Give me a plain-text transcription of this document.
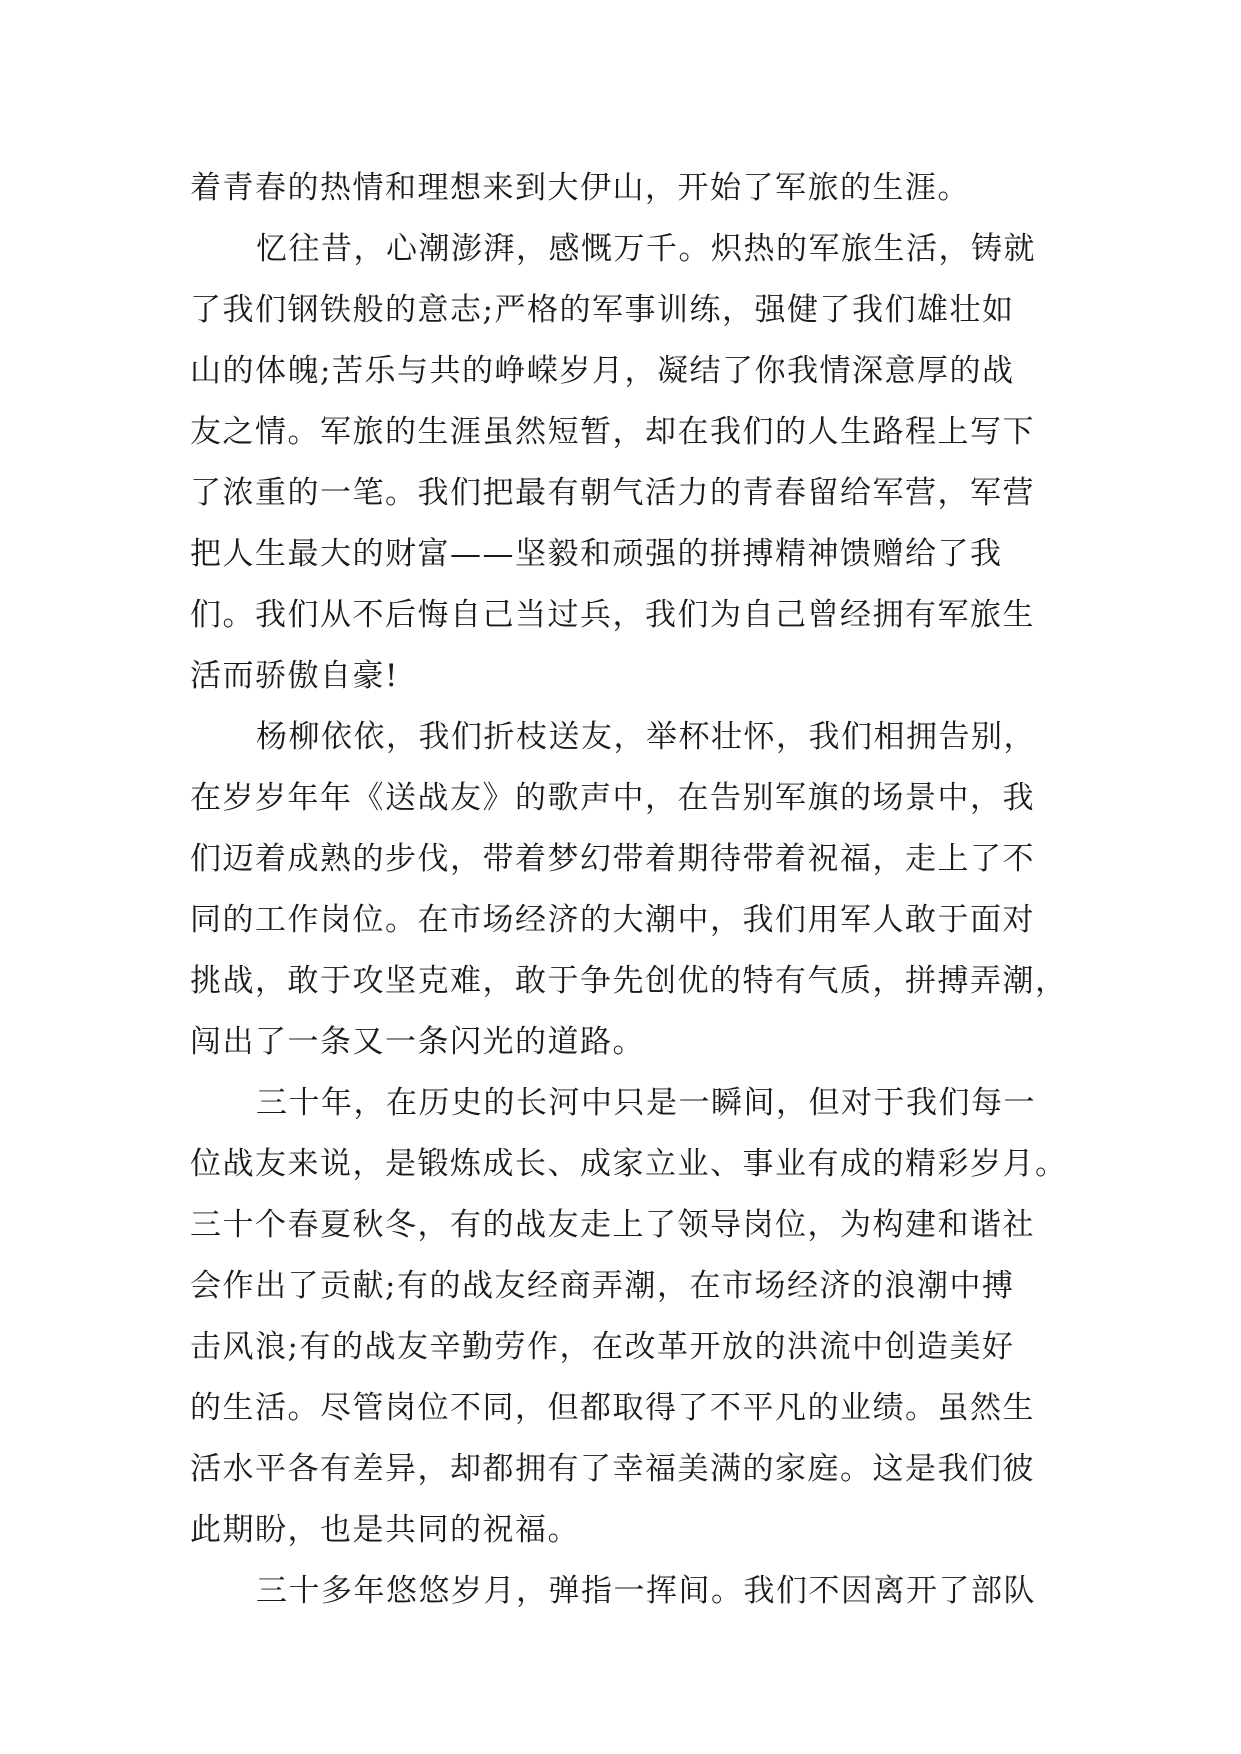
着青春的热情和理想来到大伊山，开始了军旅的生涯。
忆往昔，心潮澎湃，感慨万千。炽热的军旅生活，铸就
了我们钢铁般的意志;严格的军事训练，强健了我们雄壮如
山的体魄;苦乐与共的峥嵘岁月，凝结了你我情深意厚的战
友之情。军旅的生涯虽然短暂，却在我们的人生路程上写下
了浓重的一笔。我们把最有朝气活力的青春留给军营，军营
把人生最大的财富——坚毅和顽强的拼搏精神馈赠给了我
们。我们从不后悔自己当过兵，我们为自己曾经拥有军旅生
活而骄傲自豪!
杨柳依依，我们折枝送友，举杯壮怀，我们相拥告别，
在岁岁年年《送战友》的歌声中，在告别军旗的场景中，我
们迈着成熟的步伐，带着梦幻带着期待带着祝福，走上了不
同的工作岗位。在市场经济的大潮中，我们用军人敢于面对
挑战，敢于攻坚克难，敢于争先创优的特有气质，拼搏弄潮，
闯出了一条又一条闪光的道路。
三十年，在历史的长河中只是一瞬间，但对于我们每一
位战友来说，是锻炼成长、成家立业、事业有成的精彩岁月。
三十个春夏秋冬，有的战友走上了领导岗位，为构建和谐社
会作出了贡献;有的战友经商弄潮，在市场经济的浪潮中搏
击风浪;有的战友辛勤劳作，在改革开放的洪流中创造美好
的生活。尽管岗位不同，但都取得了不平凡的业绩。虽然生
活水平各有差异，却都拥有了幸福美满的家庭。这是我们彼
此期盼，也是共同的祝福。
三十多年悠悠岁月，弹指一挥间。我们不因离开了部队
